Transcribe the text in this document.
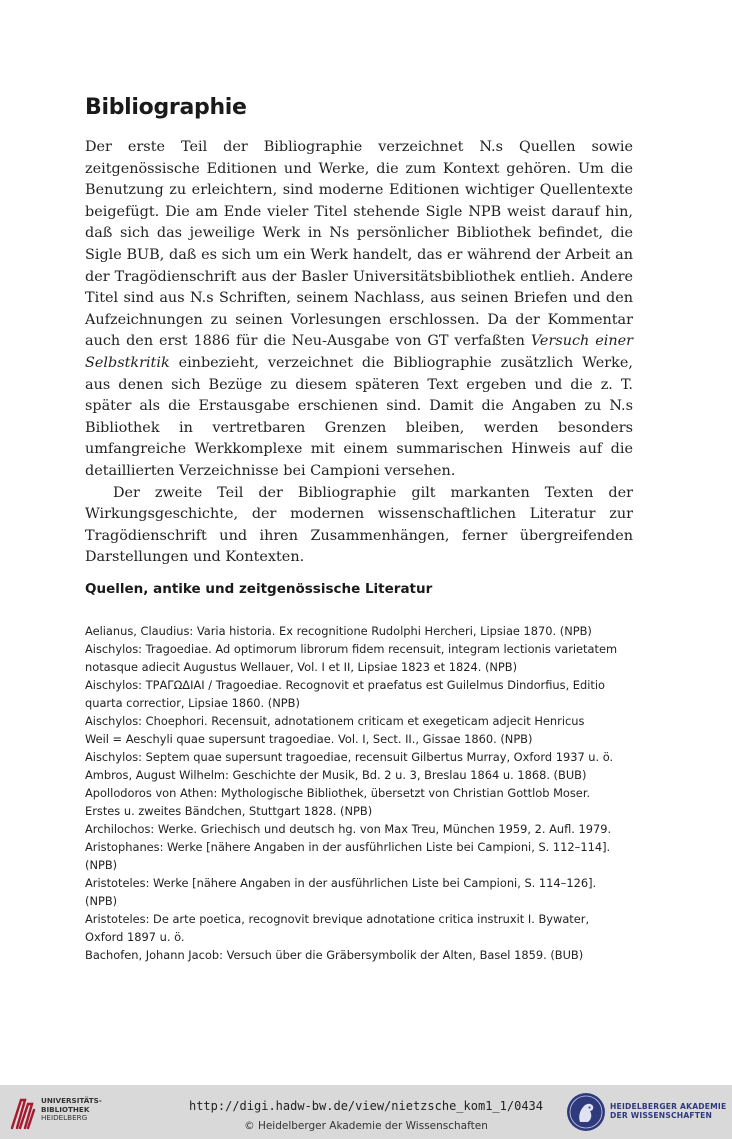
Bibliographie

Der erste Teil der Bibliographie verzeichnet N.s Quellen sowie zeitgenössische Editionen und Werke, die zum Kontext gehören. Um die Benutzung zu erleichtern, sind moderne Editionen wichtiger Quellentexte beigefügt. Die am Ende vieler Titel stehende Sigle NPB weist darauf hin, daß sich das jeweilige Werk in Ns persönlicher Bibliothek befindet, die Sigle BUB, daß es sich um ein Werk handelt, das er während der Arbeit an der Tragödienschrift aus der Basler Universitätsbibliothek entlieh. Andere Titel sind aus N.s Schriften, seinem Nachlass, aus seinen Briefen und den Aufzeichnungen zu seinen Vorlesungen erschlossen. Da der Kommentar auch den erst 1886 für die Neu-Ausgabe von GT verfaßten Versuch einer Selbstkritik einbezieht, verzeichnet die Bibliographie zusätzlich Werke, aus denen sich Bezüge zu diesem späteren Text ergeben und die z. T. später als die Erstausgabe erschienen sind. Damit die Angaben zu N.s Bibliothek in vertretbaren Grenzen bleiben, werden besonders umfangreiche Werkkomplexe mit einem summarischen Hinweis auf die detaillierten Verzeichnisse bei Campioni versehen.

Der zweite Teil der Bibliographie gilt markanten Texten der Wirkungsgeschichte, der modernen wissenschaftlichen Literatur zur Tragödienschrift und ihren Zusammenhängen, ferner übergreifenden Darstellungen und Kontexten.

Quellen, antike und zeitgenössische Literatur
Aelianus, Claudius: Varia historia. Ex recognitione Rudolphi Hercheri, Lipsiae 1870. (NPB)
Aischylos: Tragoediae. Ad optimorum librorum fidem recensuit, integram lectionis varietatem
notasque adiecit Augustus Wellauer, Vol. I et II, Lipsiae 1823 et 1824. (NPB)
Aischylos: ΤΡΑΓΩΔΙΑΙ / Tragoediae. Recognovit et praefatus est Guilelmus Dindorfius, Editio
quarta correctior, Lipsiae 1860. (NPB)
Aischylos: Choephori. Recensuit, adnotationem criticam et exegeticam adjecit Henricus
Weil = Aeschyli quae supersunt tragoediae. Vol. I, Sect. II., Gissae 1860. (NPB)
Aischylos: Septem quae supersunt tragoediae, recensuit Gilbertus Murray, Oxford 1937 u. ö.
Ambros, August Wilhelm: Geschichte der Musik, Bd. 2 u. 3, Breslau 1864 u. 1868. (BUB)
Apollodoros von Athen: Mythologische Bibliothek, übersetzt von Christian Gottlob Moser.
Erstes u. zweites Bändchen, Stuttgart 1828. (NPB)
Archilochos: Werke. Griechisch und deutsch hg. von Max Treu, München 1959, 2. Aufl. 1979.
Aristophanes: Werke [nähere Angaben in der ausführlichen Liste bei Campioni, S. 112–114].
(NPB)
Aristoteles: Werke [nähere Angaben in der ausführlichen Liste bei Campioni, S. 114–126].
(NPB)
Aristoteles: De arte poetica, recognovit brevique adnotatione critica instruxit I. Bywater,
Oxford 1897 u. ö.
Bachofen, Johann Jacob: Versuch über die Gräbersymbolik der Alten, Basel 1859. (BUB)
UNIVERSITÄTS-
BIBLIOTHEK
HEIDELBERG
http://digi.hadw-bw.de/view/nietzsche_kom1_1/0434
© Heidelberger Akademie der Wissenschaften
HEIDELBERGER AKADEMIE
DER WISSENSCHAFTEN
